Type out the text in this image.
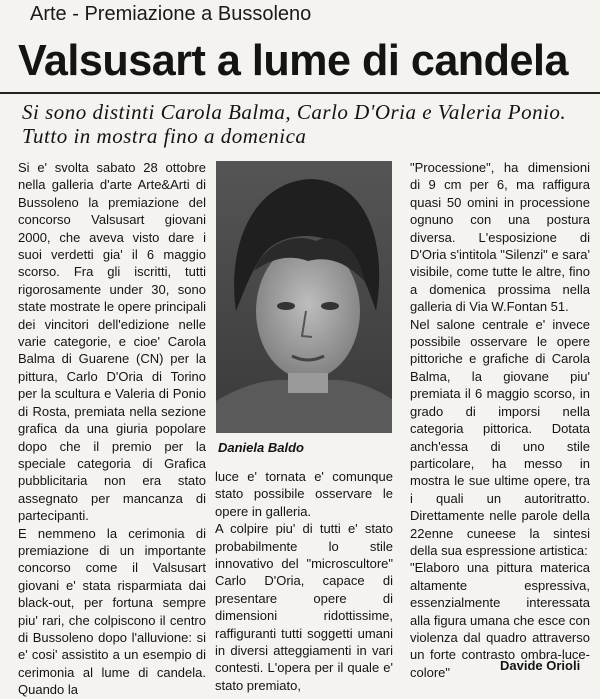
Arte - Premiazione a Bussoleno
Valsusart a lume di candela
Si sono distinti Carola Balma, Carlo D'Oria e Valeria Ponio. Tutto in mostra fino a domenica

Si e' svolta sabato 28 ottobre nella galleria d'arte Arte&Arti di Bussoleno la premiazione del concorso Valsusart giovani 2000, che aveva visto dare i suoi verdetti gia' il 6 maggio scorso. Fra gli iscritti, tutti rigorosamente under 30, sono state mostrate le opere principali dei vincitori dell'edizione nelle varie categorie, e cioe' Carola Balma di Guarene (CN) per la pittura, Carlo D'Oria di Torino per la scultura e Valeria di Ponio di Rosta, premiata nella sezione grafica da una giuria popolare dopo che il premio per la speciale categoria di Grafica pubblicitaria non era stato assegnato per mancanza di partecipanti.

E nemmeno la cerimonia di premiazione di un importante concorso come il Valsusart giovani e' stata risparmiata dai black-out, per fortuna sempre piu' rari, che colpiscono il centro di Bussoleno dopo l'alluvione: si e' cosi' assistito a un esempio di cerimonia al lume di candela. Quando la

Daniela Baldo

luce e' tornata e' comunque stato possibile osservare le opere in galleria.

A colpire piu' di tutti e' stato probabilmente lo stile innovativo del "microscultore" Carlo D'Oria, capace di presentare opere di dimensioni ridottissime, raffiguranti tutti soggetti umani in diversi atteggiamenti in vari contesti. L'opera per il quale e' stato premiato,

"Processione", ha dimensioni di 9 cm per 6, ma raffigura quasi 50 omini in processione ognuno con una postura diversa. L'esposizione di D'Oria s'intitola "Silenzi" e sara' visibile, come tutte le altre, fino a domenica prossima nella galleria di Via W.Fontan 51.

Nel salone centrale e' invece possibile osservare le opere pittoriche e grafiche di Carola Balma, la giovane piu' premiata il 6 maggio scorso, in grado di imporsi nella categoria pittorica. Dotata anch'essa di uno stile particolare, ha messo in mostra le sue ultime opere, tra i quali un autoritratto. Direttamente nelle parole della 22enne cuneese la sintesi della sua espressione artistica:

"Elaboro una pittura materica altamente espressiva, essenzialmente interessata alla figura umana che esce con violenza dal quadro attraverso un forte contrasto ombra-luce-colore"	Davide Orioli
